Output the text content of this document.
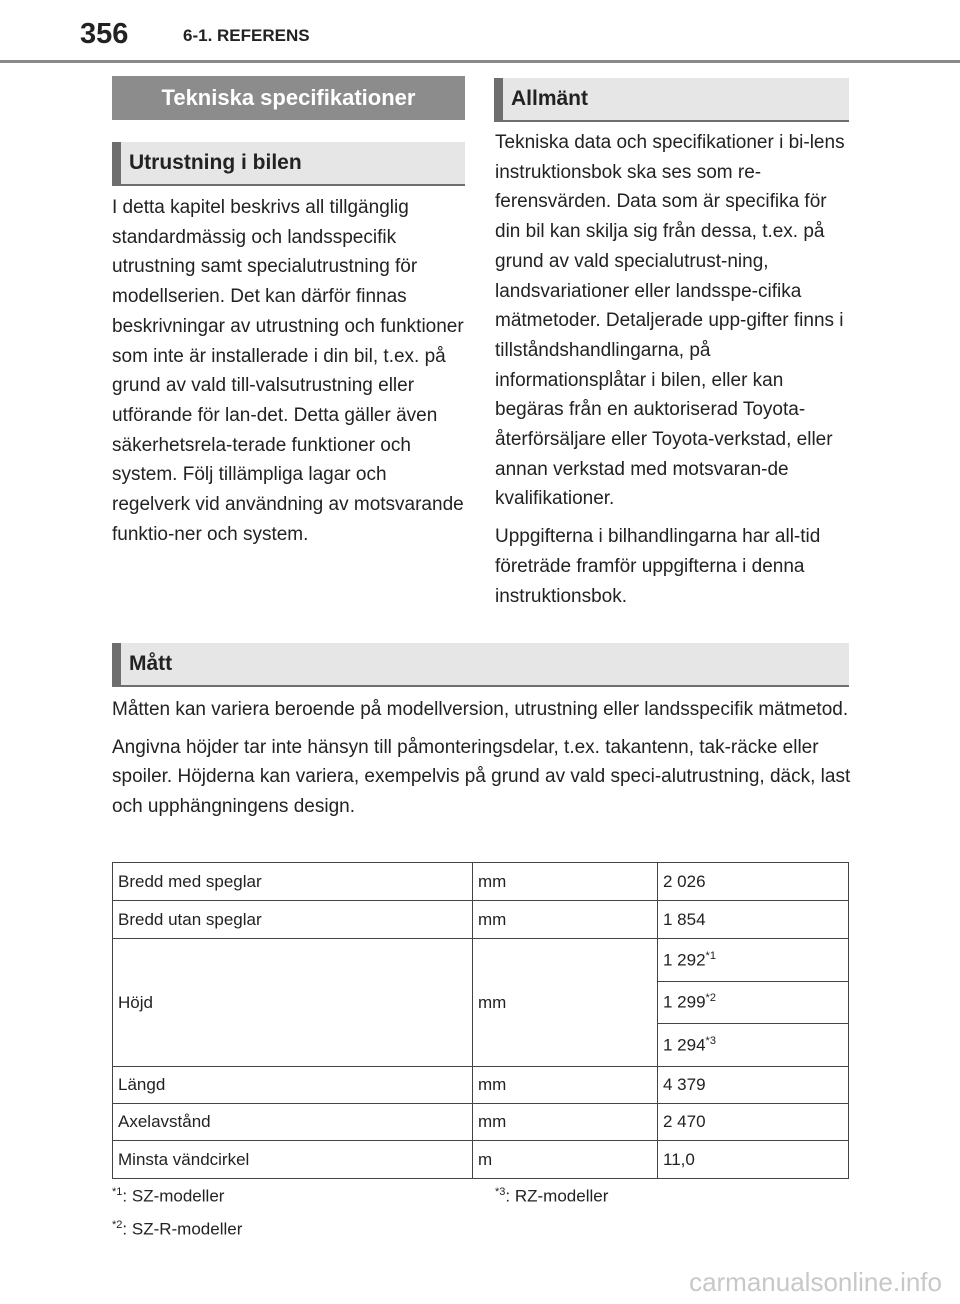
356	6-1. REFERENS
Tekniska specifikationer
Utrustning i bilen

I detta kapitel beskrivs all tillgänglig standardmässig och landsspecifik utrustning samt specialutrustning för modellserien. Det kan därför finnas beskrivningar av utrustning och funktioner som inte är installerade i din bil, t.ex. på grund av vald till-valsutrustning eller utförande för lan-det. Detta gäller även säkerhetsrela-terade funktioner och system. Följ tillämpliga lagar och regelverk vid användning av motsvarande funktio-ner och system.

Allmänt

Tekniska data och specifikationer i bi-lens instruktionsbok ska ses som re-ferensvärden. Data som är specifika för din bil kan skilja sig från dessa, t.ex. på grund av vald specialutrust-ning, landsvariationer eller landsspe-cifika mätmetoder. Detaljerade upp-gifter finns i tillståndshandlingarna, på informationsplåtar i bilen, eller kan begäras från en auktoriserad Toyota-återförsäljare eller Toyota-verkstad, eller annan verkstad med motsvaran-de kvalifikationer.

Uppgifterna i bilhandlingarna har all-tid företräde framför uppgifterna i denna instruktionsbok.

Mått

Måtten kan variera beroende på modellversion, utrustning eller landsspecifik mätmetod.

Angivna höjder tar inte hänsyn till påmonteringsdelar, t.ex. takantenn, tak-räcke eller spoiler. Höjderna kan variera, exempelvis på grund av vald speci-alutrustning, däck, last och upphängningens design.

Bredd med speglar	mm	2 026
Bredd utan speglar	mm	1 854
Höjd	mm	1 292$^{*1}$
		1 299$^{*2}$
		1 294$^{*3}$
Längd	mm	4 379
Axelavstånd	mm	2 470
Minsta vändcirkel	m	11,0
$^{*1}$: SZ-modeller
$^{*2}$: SZ-R-modeller
$^{*3}$: RZ-modeller
carmanualsonline.info
